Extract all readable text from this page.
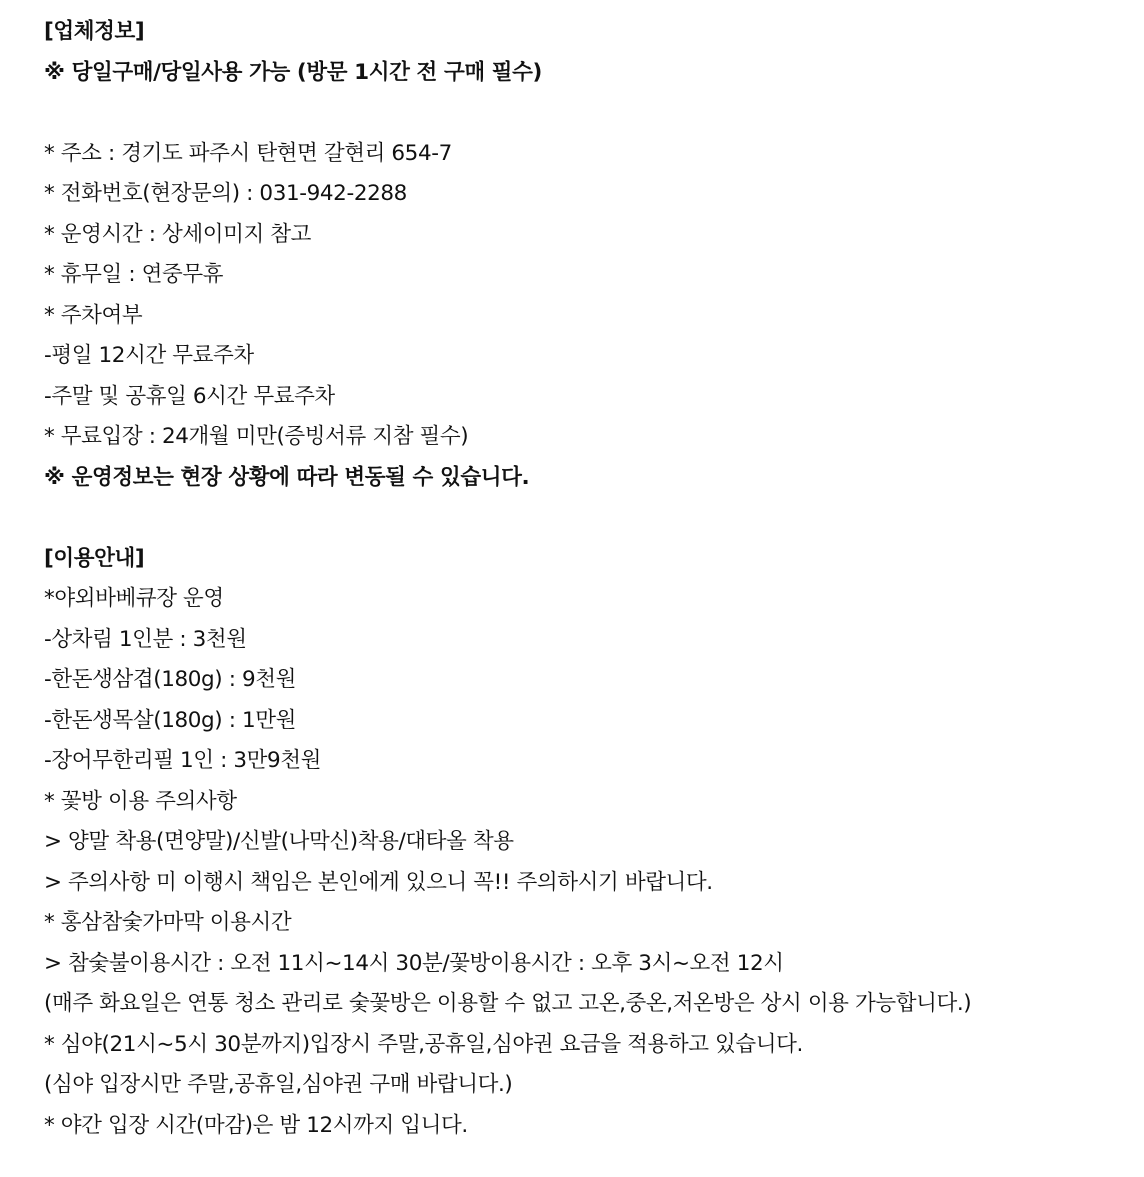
[업체정보]
※ 당일구매/당일사용 가능 (방문 1시간 전 구매 필수)
* 주소 : 경기도 파주시 탄현면 갈현리 654-7
* 전화번호(현장문의) : 031-942-2288
* 운영시간 : 상세이미지 참고
* 휴무일 : 연중무휴
* 주차여부
-평일 12시간 무료주차
-주말 및 공휴일 6시간 무료주차
* 무료입장 : 24개월 미만(증빙서류 지참 필수)
※ 운영정보는 현장 상황에 따라 변동될 수 있습니다.
[이용안내]
*야외바베큐장 운영
-상차림 1인분 : 3천원
-한돈생삼겹(180g) : 9천원
-한돈생목살(180g) : 1만원
-장어무한리필 1인 : 3만9천원
* 꽃방 이용 주의사항
> 양말 착용(면양말)/신발(나막신)착용/대타올 착용
> 주의사항 미 이행시 책임은 본인에게 있으니 꼭!! 주의하시기 바랍니다.
* 홍삼참숯가마막 이용시간
> 참숯불이용시간 : 오전 11시~14시 30분/꽃방이용시간 : 오후 3시~오전 12시
(매주 화요일은 연통 청소 관리로 숯꽃방은 이용할 수 없고 고온,중온,저온방은 상시 이용 가능합니다.)
* 심야(21시~5시 30분까지)입장시 주말,공휴일,심야권 요금을 적용하고 있습니다.
(심야 입장시만 주말,공휴일,심야권 구매 바랍니다.)
* 야간 입장 시간(마감)은 밤 12시까지 입니다.
